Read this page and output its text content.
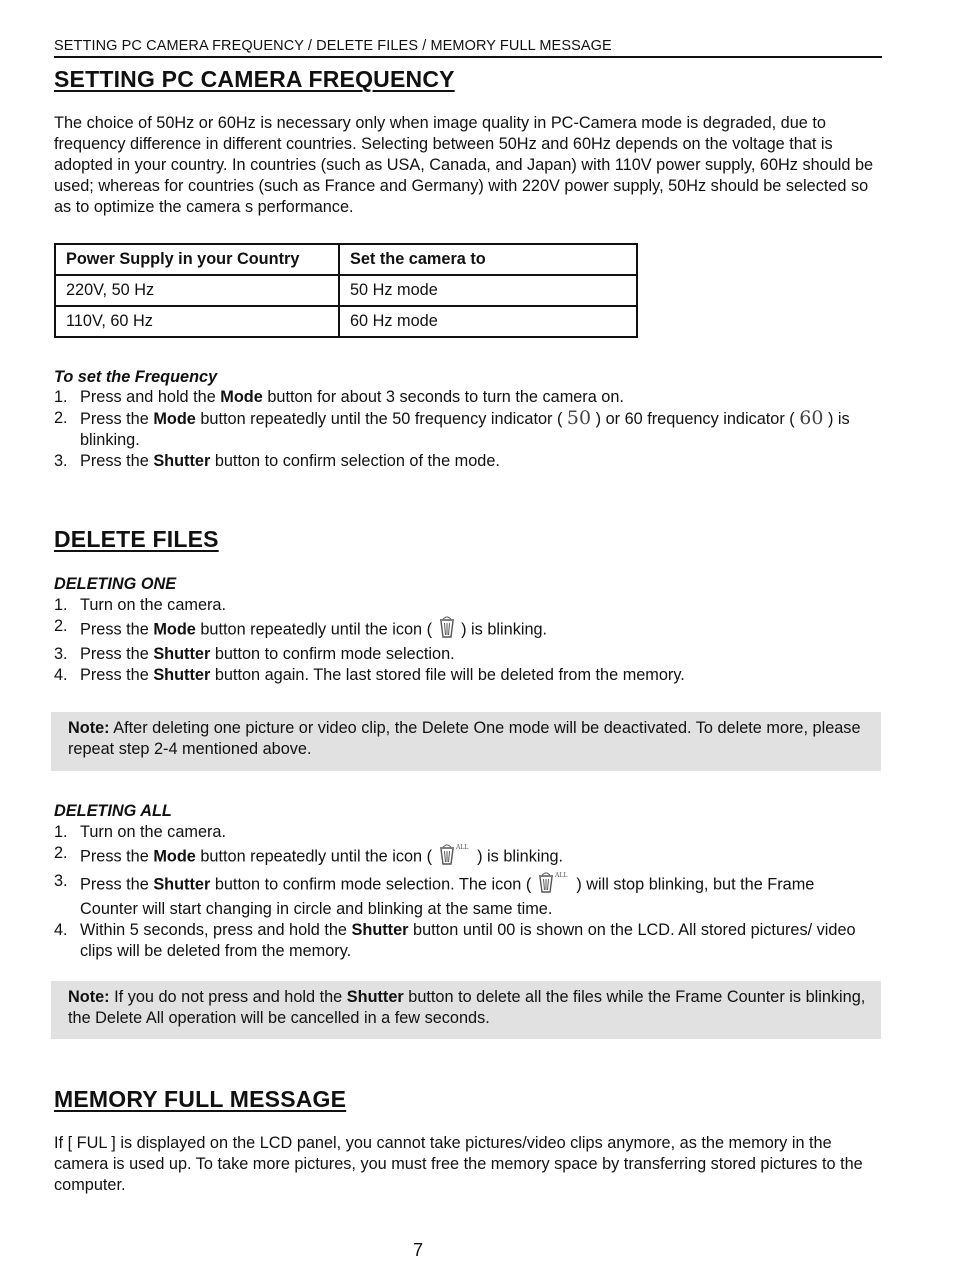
SETTING PC CAMERA FREQUENCY / DELETE FILES / MEMORY FULL MESSAGE
SETTING PC CAMERA FREQUENCY
The choice of 50Hz or 60Hz is necessary only when image quality in PC-Camera mode is degraded, due to frequency difference in different countries. Selecting between 50Hz and 60Hz depends on the voltage that is adopted in your country. In countries (such as USA, Canada, and Japan) with 110V power supply, 60Hz should be used; whereas for countries (such as France and Germany) with 220V power supply, 50Hz should be selected so as to optimize the camera s performance.
Power Supply in your Country	Set the camera to
220V, 50 Hz	50 Hz mode
110V, 60 Hz	60 Hz mode
To set the Frequency
1. Press and hold the Mode button for about 3 seconds to turn the camera on.
2. Press the Mode button repeatedly until the 50 frequency indicator ( 50 ) or 60 frequency indicator ( 60 ) is blinking.
3. Press the Shutter button to confirm selection of the mode.
DELETE FILES
DELETING ONE
1. Turn on the camera.
2. Press the Mode button repeatedly until the icon (  ) is blinking.
3. Press the Shutter button to confirm mode selection.
4. Press the Shutter button again. The last stored file will be deleted from the memory.
Note: After deleting one picture or video clip, the Delete One mode will be deactivated. To delete more, please repeat step 2-4 mentioned above.
DELETING ALL
1. Turn on the camera.
2. Press the Mode button repeatedly until the icon (	ALL ) is blinking.
3. Press the Shutter button to confirm mode selection. The icon (	ALL ) will stop blinking, but the Frame Counter will start changing in circle and blinking at the same time.
4. Within 5 seconds, press and hold the Shutter button until 00 is shown on the LCD. All stored pictures/ video clips will be deleted from the memory.
Note: If you do not press and hold the Shutter button to delete all the files while the Frame Counter is blinking, the Delete All operation will be cancelled in a few seconds.
MEMORY FULL MESSAGE
If [ FUL ] is displayed on the LCD panel, you cannot take pictures/video clips anymore, as the memory in the camera is used up. To take more pictures, you must free the memory space by transferring stored pictures to the computer.
7
